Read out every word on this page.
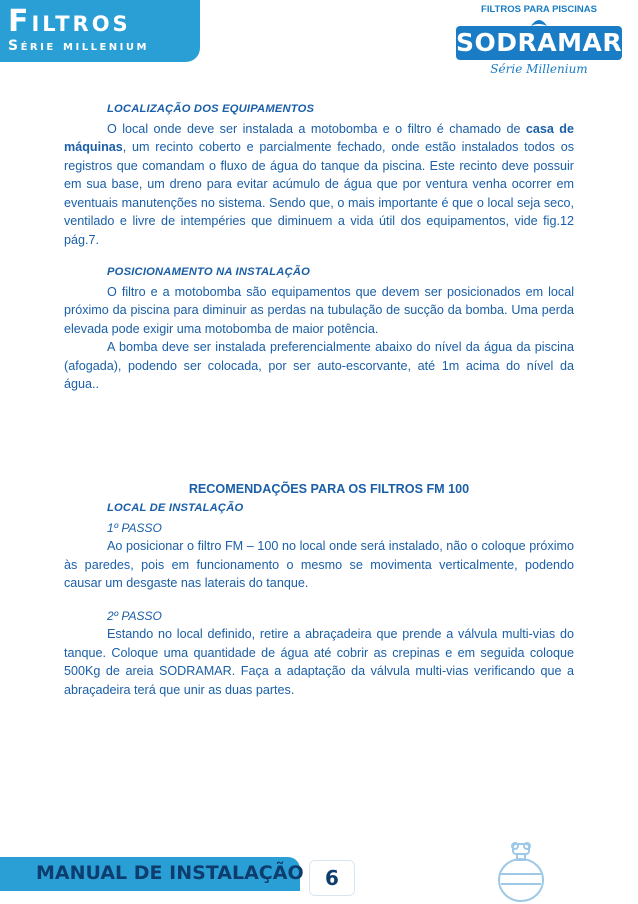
Filtros
Série millenium
FILTROS PARA PISCINAS
SODRAMAR
Série Millenium
LOCALIZAÇÃO DOS EQUIPAMENTOS

O local onde deve ser instalada a motobomba e o filtro é chamado de casa de máquinas, um recinto coberto e parcialmente fechado, onde estão instalados todos os registros que comandam o fluxo de água do tanque da piscina. Este recinto deve possuir em sua base, um dreno para evitar acúmulo de água que por ventura venha ocorrer em eventuais manutenções no sistema. Sendo que, o mais importante é que o local seja seco, ventilado e livre de intempéries que diminuem a vida útil dos equipamentos, vide fig.12 pág.7.

POSICIONAMENTO NA INSTALAÇÃO

O filtro e a motobomba são equipamentos que devem ser posicionados em local próximo da piscina para diminuir as perdas na tubulação de sucção da bomba. Uma perda elevada pode exigir uma motobomba de maior potência.

A bomba deve ser instalada preferencialmente abaixo do nível da água da piscina (afogada), podendo ser colocada, por ser auto-escorvante, até 1m acima do nível da água..

RECOMENDAÇÕES PARA OS FILTROS FM 100
LOCAL DE INSTALAÇÃO
1º PASSO

Ao posicionar o filtro FM – 100 no local onde será instalado, não o coloque próximo às paredes, pois em funcionamento o mesmo se movimenta verticalmente, podendo causar um desgaste nas laterais do tanque.

2º PASSO

Estando no local definido, retire a abraçadeira que prende a válvula multi-vias do tanque. Coloque uma quantidade de água até cobrir as crepinas e em seguida coloque 500Kg de areia SODRAMAR. Faça a adaptação da válvula multi-vias verificando que a abraçadeira terá que unir as duas partes.

MANUAL DE INSTALAÇÃO	6
